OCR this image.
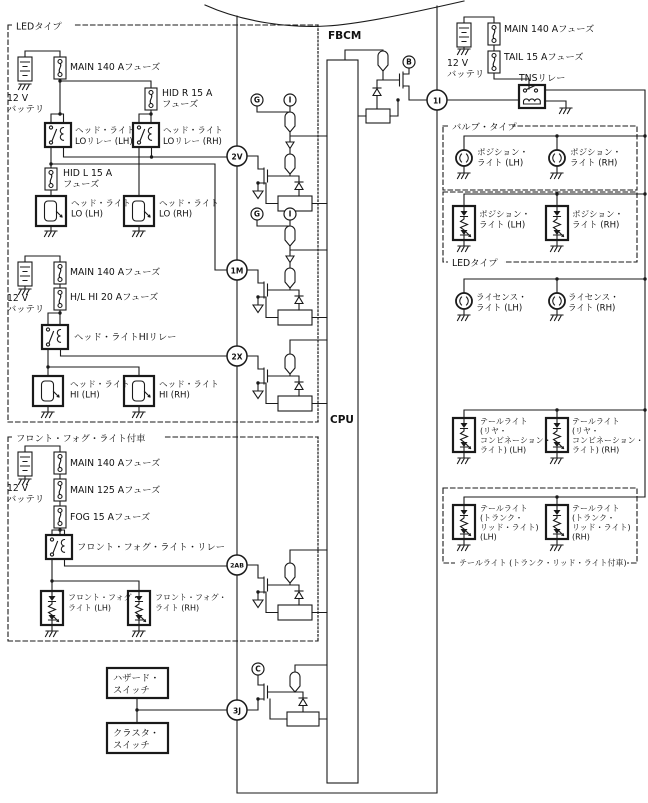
LEDタイプ
MAIN 140 Aフューズ
12 V
バッテリ
HID R 15 A
フューズ
ヘッド・ライト
LOリレー (LH)
ヘッド・ライト
LOリレー (RH)
HID L 15 A
フューズ
ヘッド・ライト
LO (LH)
ヘッド・ライト
LO (RH)
MAIN 140 Aフューズ
12 V
バッテリ
H/L HI 20 Aフューズ
ヘッド・ライトHIリレー
ヘッド・ライト
HI (LH)
ヘッド・ライト
HI (RH)
フロント・フォグ・ライト付車
MAIN 140 Aフューズ
12 V
バッテリ
MAIN 125 Aフューズ
FOG 15 Aフューズ
フロント・フォグ・ライト・リレー
フロント・フォグ・
ライト (LH)
フロント・フォグ・
ライト (RH)
ハザード・
スイッチ
クラスタ・
スイッチ
FBCM
CPU
2V
1M
2X
2AB
3J
1I
G	I
G	I
B
C
MAIN 140 Aフューズ
TAIL 15 Aフューズ
TNSリレー
12 V
バッテリ
バルブ・タイプ
ポジション・
ライト (LH)
ポジション・
ライト (RH)
ポジション・
ライト (LH)
ポジション・
ライト (RH)
LEDタイプ
ライセンス・
ライト (LH)
ライセンス・
ライト (RH)
テールライト
(リヤ・
コンビネーション・
ライト) (LH)
テールライト
(リヤ・
コンビネーション・
ライト) (RH)
テールライト
(トランク・
リッド・ライト)
(LH)
テールライト
(トランク・
リッド・ライト)
(RH)
テールライト (トランク・リッド・ライト付車)
